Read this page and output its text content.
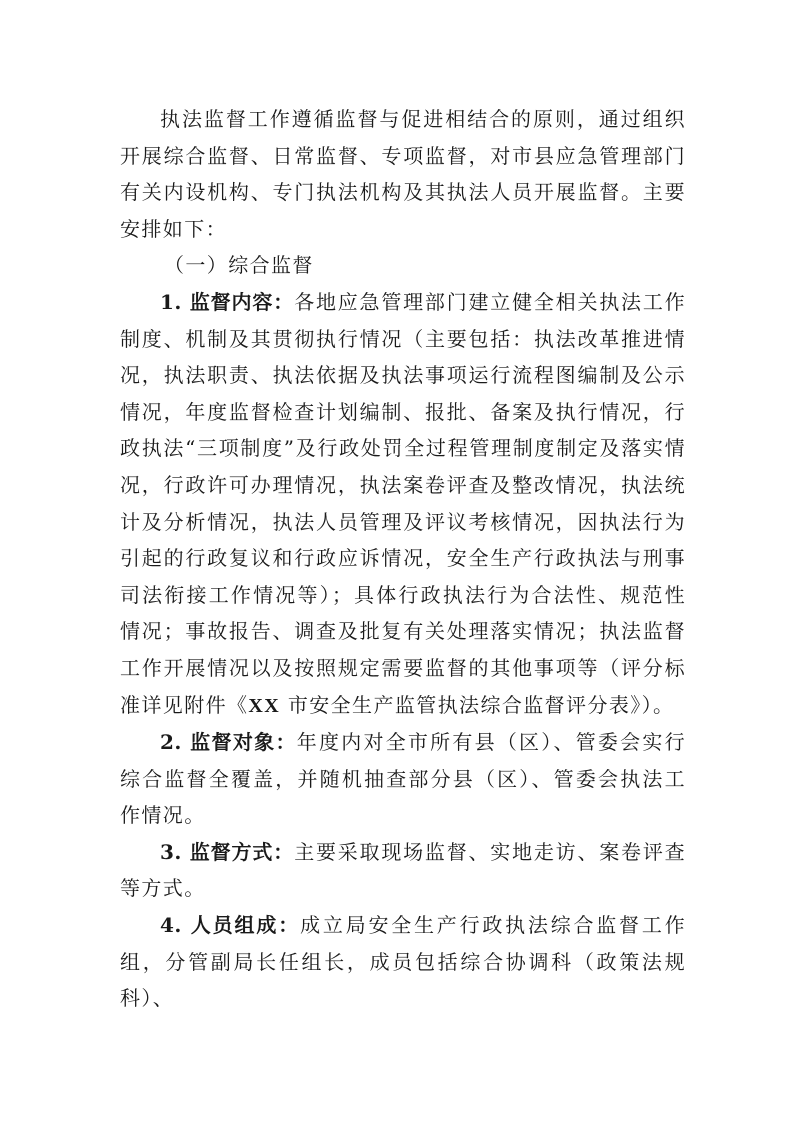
执法监督工作遵循监督与促进相结合的原则，通过组织开展综合监督、日常监督、专项监督，对市县应急管理部门有关内设机构、专门执法机构及其执法人员开展监督。主要安排如下：

（一）综合监督

1. 监督内容：各地应急管理部门建立健全相关执法工作制度、机制及其贯彻执行情况（主要包括：执法改革推进情况，执法职责、执法依据及执法事项运行流程图编制及公示情况，年度监督检查计划编制、报批、备案及执行情况，行政执法“三项制度”及行政处罚全过程管理制度制定及落实情况，行政许可办理情况，执法案卷评查及整改情况，执法统计及分析情况，执法人员管理及评议考核情况，因执法行为引起的行政复议和行政应诉情况，安全生产行政执法与刑事司法衔接工作情况等）；具体行政执法行为合法性、规范性情况；事故报告、调查及批复有关处理落实情况；执法监督工作开展情况以及按照规定需要监督的其他事项等（评分标准详见附件《XX 市安全生产监管执法综合监督评分表》）。

2. 监督对象：年度内对全市所有县（区）、管委会实行综合监督全覆盖，并随机抽查部分县（区）、管委会执法工作情况。

3. 监督方式：主要采取现场监督、实地走访、案卷评查等方式。

4. 人员组成：成立局安全生产行政执法综合监督工作组，分管副局长任组长，成员包括综合协调科（政策法规科）、
